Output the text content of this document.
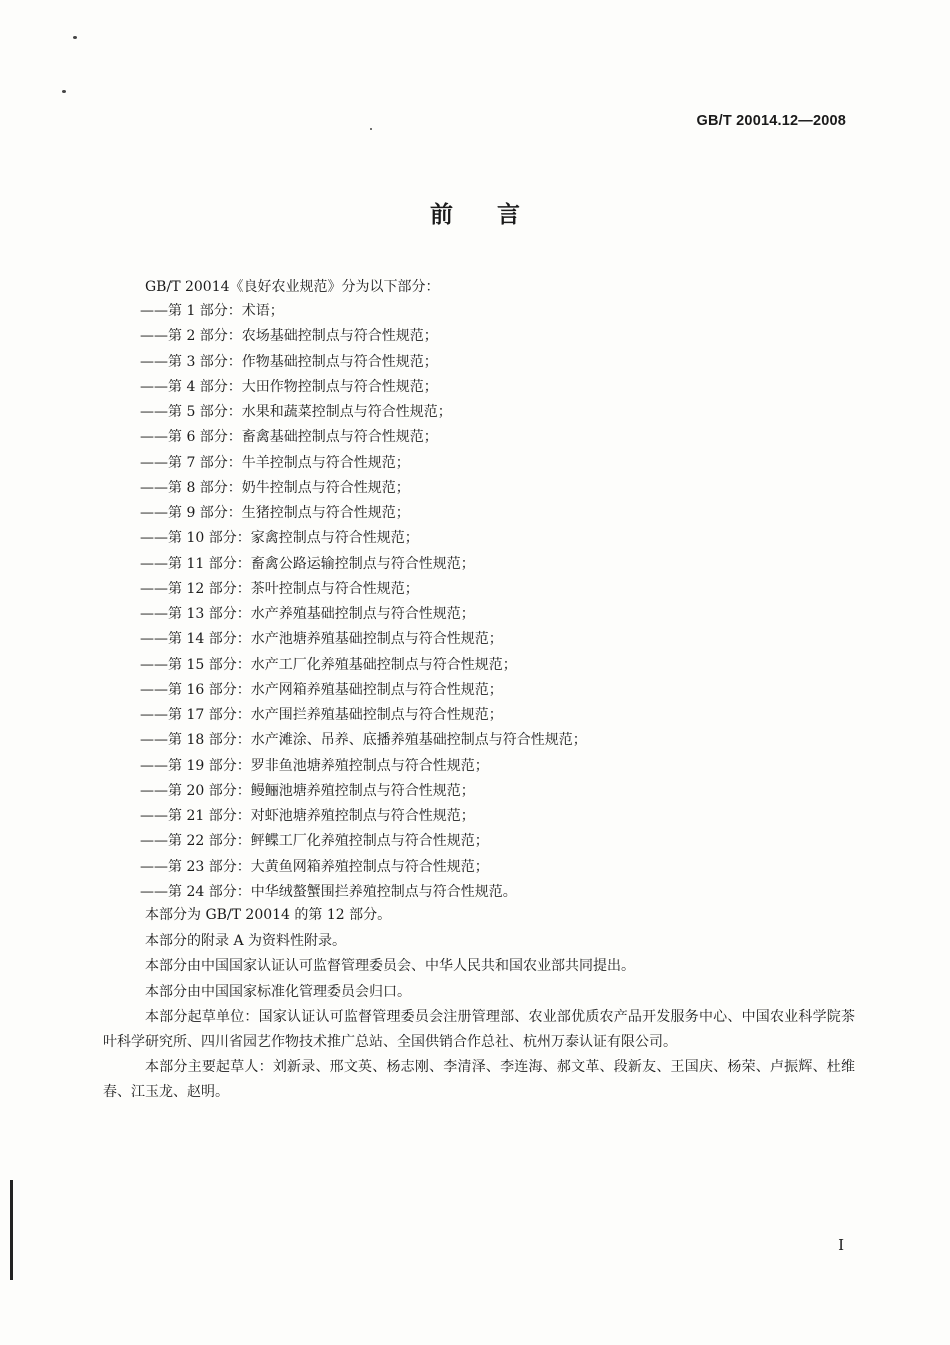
GB/T 20014.12—2008
前言
GB/T 20014《良好农业规范》分为以下部分：
——第 1 部分：术语；
——第 2 部分：农场基础控制点与符合性规范；
——第 3 部分：作物基础控制点与符合性规范；
——第 4 部分：大田作物控制点与符合性规范；
——第 5 部分：水果和蔬菜控制点与符合性规范；
——第 6 部分：畜禽基础控制点与符合性规范；
——第 7 部分：牛羊控制点与符合性规范；
——第 8 部分：奶牛控制点与符合性规范；
——第 9 部分：生猪控制点与符合性规范；
——第 10 部分：家禽控制点与符合性规范；
——第 11 部分：畜禽公路运输控制点与符合性规范；
——第 12 部分：茶叶控制点与符合性规范；
——第 13 部分：水产养殖基础控制点与符合性规范；
——第 14 部分：水产池塘养殖基础控制点与符合性规范；
——第 15 部分：水产工厂化养殖基础控制点与符合性规范；
——第 16 部分：水产网箱养殖基础控制点与符合性规范；
——第 17 部分：水产围拦养殖基础控制点与符合性规范；
——第 18 部分：水产滩涂、吊养、底播养殖基础控制点与符合性规范；
——第 19 部分：罗非鱼池塘养殖控制点与符合性规范；
——第 20 部分：鳗鲡池塘养殖控制点与符合性规范；
——第 21 部分：对虾池塘养殖控制点与符合性规范；
——第 22 部分：鲆鲽工厂化养殖控制点与符合性规范；
——第 23 部分：大黄鱼网箱养殖控制点与符合性规范；
——第 24 部分：中华绒螯蟹围拦养殖控制点与符合性规范。

本部分为 GB/T 20014 的第 12 部分。

本部分的附录 A 为资料性附录。

本部分由中国国家认证认可监督管理委员会、中华人民共和国农业部共同提出。

本部分由中国国家标准化管理委员会归口。

本部分起草单位：国家认证认可监督管理委员会注册管理部、农业部优质农产品开发服务中心、中国农业科学院茶叶科学研究所、四川省园艺作物技术推广总站、全国供销合作总社、杭州万泰认证有限公司。

本部分主要起草人：刘新录、邢文英、杨志刚、李清泽、李连海、郝文革、段新友、王国庆、杨荣、卢振辉、杜维春、江玉龙、赵明。

I
